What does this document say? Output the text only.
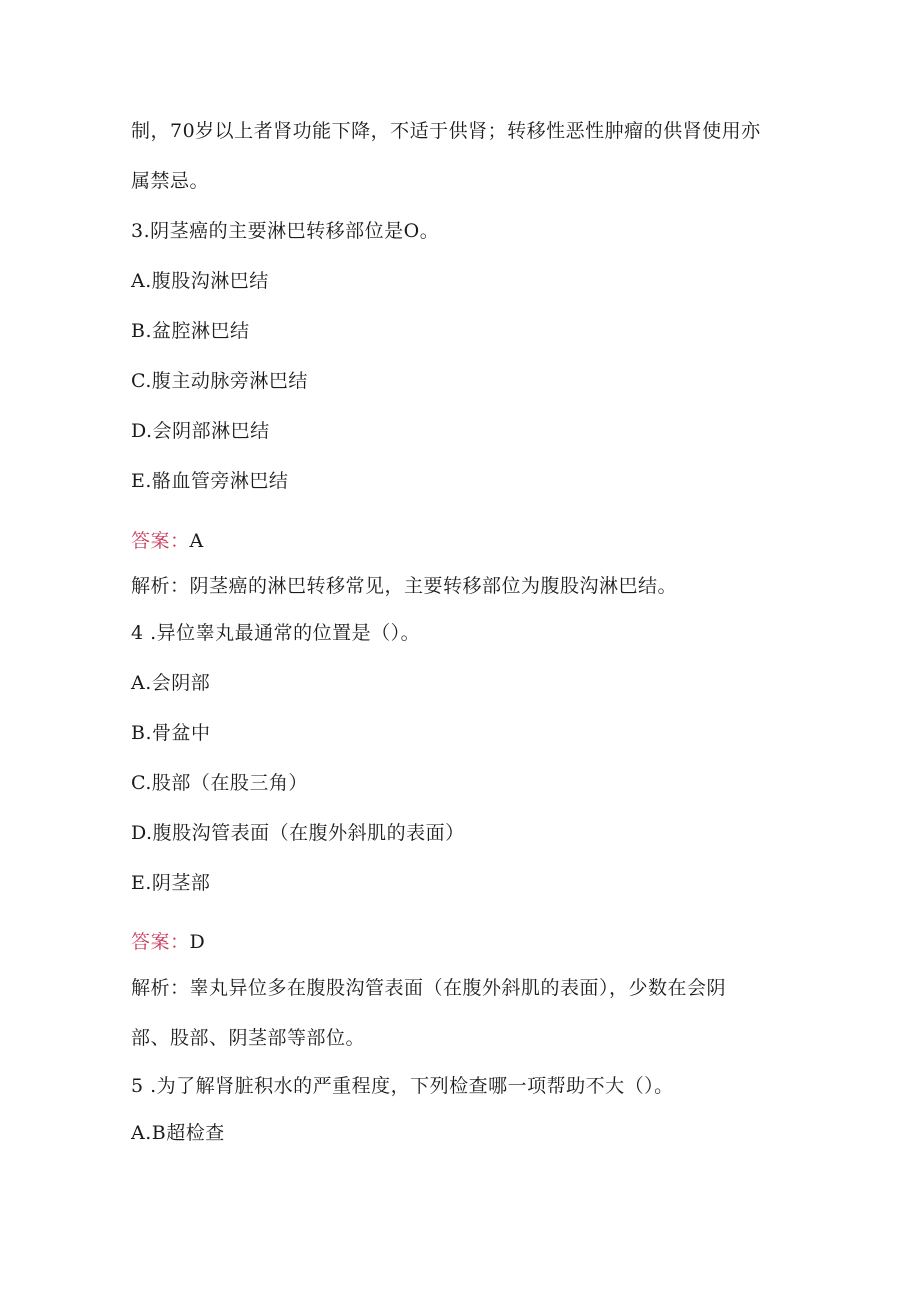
制，70岁以上者肾功能下降，不适于供肾；转移性恶性肿瘤的供肾使用亦
属禁忌。
3.阴茎癌的主要淋巴转移部位是O。
A.腹股沟淋巴结
B.盆腔淋巴结
C.腹主动脉旁淋巴结
D.会阴部淋巴结
E.骼血管旁淋巴结
答案：A
解析：阴茎癌的淋巴转移常见，主要转移部位为腹股沟淋巴结。
4 .异位睾丸最通常的位置是（）。
A.会阴部
B.骨盆中
C.股部（在股三角）
D.腹股沟管表面（在腹外斜肌的表面）
E.阴茎部
答案：D
解析：睾丸异位多在腹股沟管表面（在腹外斜肌的表面），少数在会阴
部、股部、阴茎部等部位。
5 .为了解肾脏积水的严重程度，下列检查哪一项帮助不大（）。
A.B超检查
